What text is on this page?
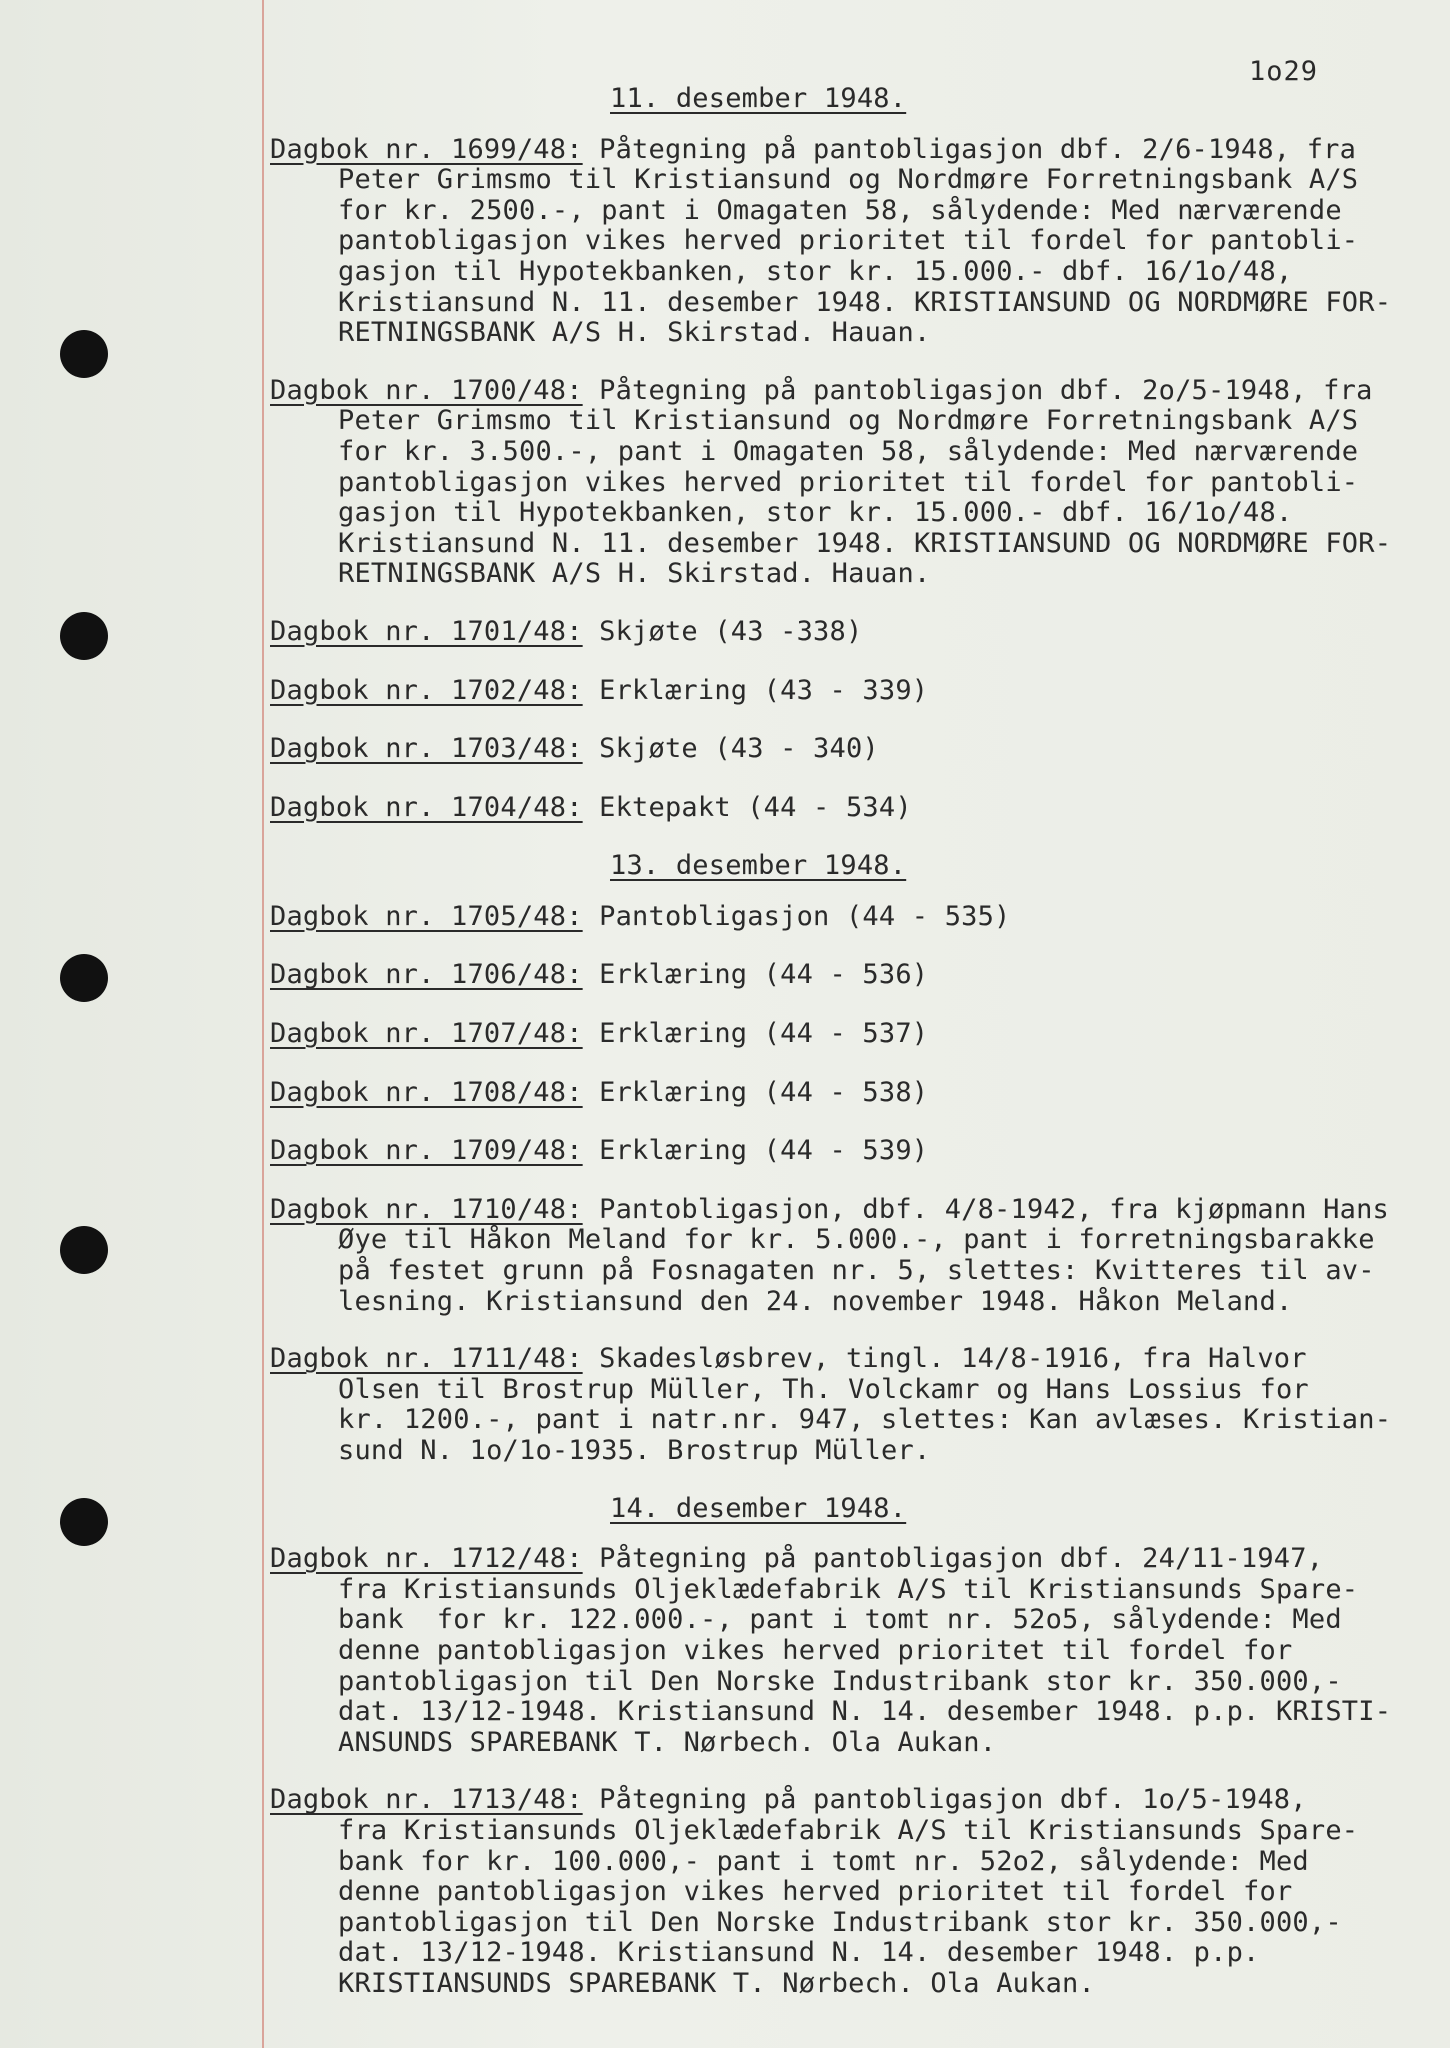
1o29
11. desember 1948.
Dagbok nr. 1699/48: Påtegning på pantobligasjon dbf. 2/6-1948, fra
Peter Grimsmo til Kristiansund og Nordmøre Forretningsbank A/S
for kr. 2500.-, pant i Omagaten 58, sålydende: Med nærværende
pantobligasjon vikes herved prioritet til fordel for pantobli-
gasjon til Hypotekbanken, stor kr. 15.000.- dbf. 16/1o/48,
Kristiansund N. 11. desember 1948. KRISTIANSUND OG NORDMØRE FOR-
RETNINGSBANK A/S H. Skirstad. Hauan.
Dagbok nr. 1700/48: Påtegning på pantobligasjon dbf. 2o/5-1948, fra
Peter Grimsmo til Kristiansund og Nordmøre Forretningsbank A/S
for kr. 3.500.-, pant i Omagaten 58, sålydende: Med nærværende
pantobligasjon vikes herved prioritet til fordel for pantobli-
gasjon til Hypotekbanken, stor kr. 15.000.- dbf. 16/1o/48.
Kristiansund N. 11. desember 1948. KRISTIANSUND OG NORDMØRE FOR-
RETNINGSBANK A/S H. Skirstad. Hauan.
Dagbok nr. 1701/48: Skjøte (43 -338)
Dagbok nr. 1702/48: Erklæring (43 - 339)
Dagbok nr. 1703/48: Skjøte (43 - 340)
Dagbok nr. 1704/48: Ektepakt (44 - 534)
13. desember 1948.
Dagbok nr. 1705/48: Pantobligasjon (44 - 535)
Dagbok nr. 1706/48: Erklæring (44 - 536)
Dagbok nr. 1707/48: Erklæring (44 - 537)
Dagbok nr. 1708/48: Erklæring (44 - 538)
Dagbok nr. 1709/48: Erklæring (44 - 539)
Dagbok nr. 1710/48: Pantobligasjon, dbf. 4/8-1942, fra kjøpmann Hans
Øye til Håkon Meland for kr. 5.000.-, pant i forretningsbarakke
på festet grunn på Fosnagaten nr. 5, slettes: Kvitteres til av-
lesning. Kristiansund den 24. november 1948. Håkon Meland.
Dagbok nr. 1711/48: Skadesløsbrev, tingl. 14/8-1916, fra Halvor
Olsen til Brostrup Müller, Th. Volckamr og Hans Lossius for
kr. 1200.-, pant i natr.nr. 947, slettes: Kan avlæses. Kristian-
sund N. 1o/1o-1935. Brostrup Müller.
14. desember 1948.
Dagbok nr. 1712/48: Påtegning på pantobligasjon dbf. 24/11-1947,
fra Kristiansunds Oljeklædefabrik A/S til Kristiansunds Spare-
bank  for kr. 122.000.-, pant i tomt nr. 52o5, sålydende: Med
denne pantobligasjon vikes herved prioritet til fordel for
pantobligasjon til Den Norske Industribank stor kr. 350.000,-
dat. 13/12-1948. Kristiansund N. 14. desember 1948. p.p. KRISTI-
ANSUNDS SPAREBANK T. Nørbech. Ola Aukan.
Dagbok nr. 1713/48: Påtegning på pantobligasjon dbf. 1o/5-1948,
fra Kristiansunds Oljeklædefabrik A/S til Kristiansunds Spare-
bank for kr. 100.000,- pant i tomt nr. 52o2, sålydende: Med
denne pantobligasjon vikes herved prioritet til fordel for
pantobligasjon til Den Norske Industribank stor kr. 350.000,-
dat. 13/12-1948. Kristiansund N. 14. desember 1948. p.p.
KRISTIANSUNDS SPAREBANK T. Nørbech. Ola Aukan.
